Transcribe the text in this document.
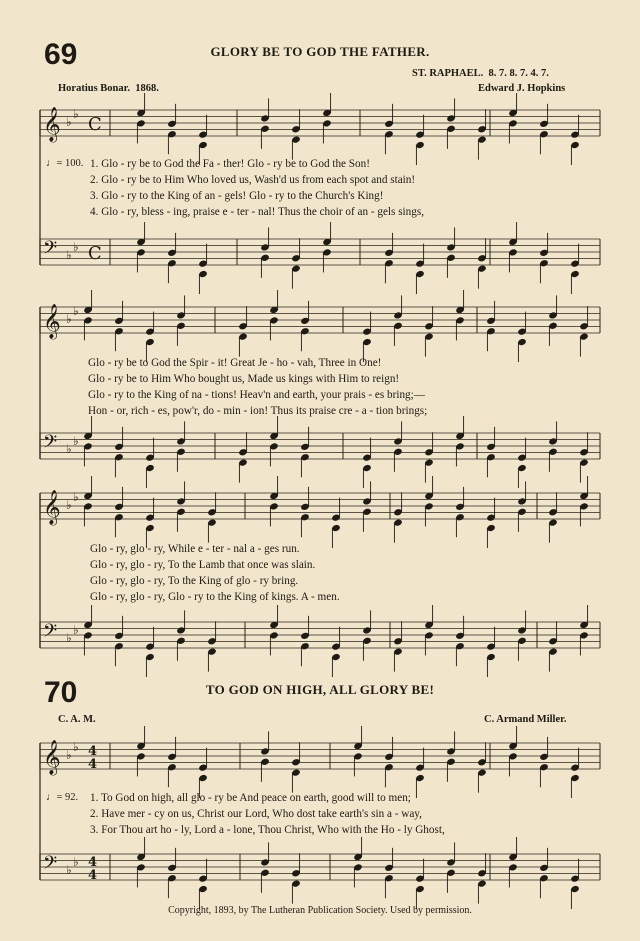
69	GLORY BE TO GOD THE FATHER.
ST. RAPHAEL. 8. 7. 8. 7. 4. 7.
Horatius Bonar. 1868.	Edward J. Hopkins
𝄞 ♭
♭
𝄢 ♭
♭
𝄞 ♭
♭
𝄢 ♭
♭
𝄞 ♭
♭
𝄢 ♭
♭
𝄞 ♭
♭
𝄢 ♭
♭
4
4
4
4
C
C
♩= 100. 1. Glo - ry be to God the Fa - ther! Glo - ry be to God the Son!
2. Glo - ry be to Him Who loved us, Wash'd us from each spot and stain!
3. Glo - ry to the King of an - gels! Glo - ry to the Church's King!
4. Glo - ry, bless - ing, praise e - ter - nal! Thus the choir of an - gels sings,
Glo - ry be to God the Spir - it! Great Je - ho - vah, Three in One!
Glo - ry be to Him Who bought us, Made us kings with Him to reign!
Glo - ry to the King of na - tions! Heav'n and earth, your prais - es bring;—
Hon - or, rich - es, pow'r, do - min - ion! Thus its praise cre - a - tion brings;
Glo - ry, glo - ry, While e - ter - nal a - ges run.
Glo - ry, glo - ry, To the Lamb that once was slain.
Glo - ry, glo - ry, To the King of glo - ry bring.
Glo - ry, glo - ry, Glo - ry to the King of kings. A - men.
70	TO GOD ON HIGH, ALL GLORY BE!
C. A. M.	C. Armand Miller.
♩= 92. 1. To God on high, all glo - ry be And peace on earth, good will to men;
2. Have mer - cy on us, Christ our Lord, Who dost take earth's sin a - way,
3. For Thou art ho - ly, Lord a - lone, Thou Christ, Who with the Ho - ly Ghost,
Copyright, 1893, by The Lutheran Publication Society. Used by permission.
